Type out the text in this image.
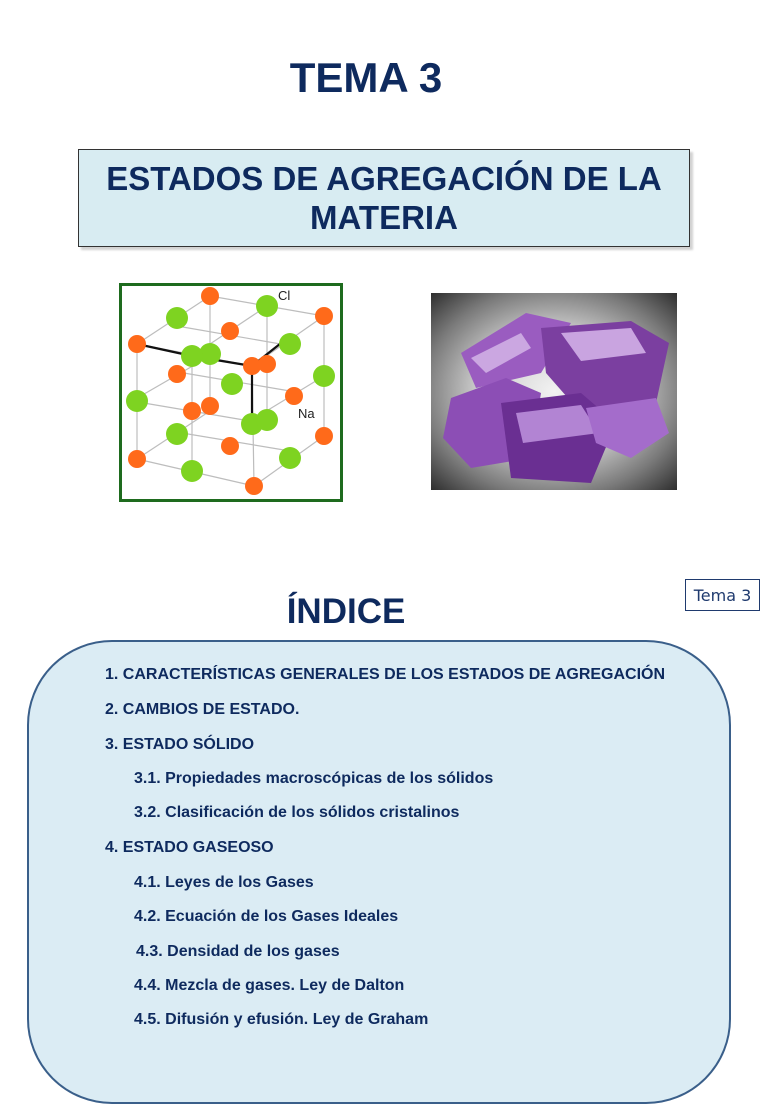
TEMA 3
ESTADOS DE AGREGACIÓN DE LA
MATERIA
Cl
Na
ÍNDICE	Tema 3
1. CARACTERÍSTICAS GENERALES DE LOS ESTADOS DE AGREGACIÓN
2. CAMBIOS DE ESTADO.
3. ESTADO SÓLIDO
3.1. Propiedades macroscópicas de los sólidos
3.2. Clasificación de los sólidos cristalinos
4. ESTADO GASEOSO
4.1. Leyes de los Gases
4.2. Ecuación de los Gases Ideales
4.3. Densidad de los gases
4.4. Mezcla de gases. Ley de Dalton
4.5. Difusión y efusión. Ley de Graham
